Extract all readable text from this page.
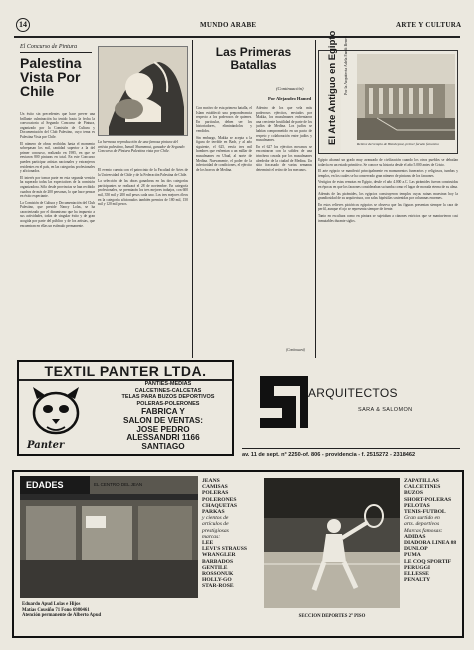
14	MUNDO ARABE	ARTE Y CULTURA
El Concurso de Pintura
Palestina Vista Por Chile

Un éxito sin precedentes que hace prever una brillante culminación ha tenido hasta la fecha la convocatoria al Segundo Concurso de Pintura, organizado por la Comisión de Cultura y Documentación del Club Palestino, cuyo tema es Palestina Vista por Chile.

El número de obras recibidas hasta el momento sobrepasan los mil, cantidad superior a la del primer concurso, realizado en 1985, en que se enviaron 800 pinturas en total. En este Concurso pueden participar artistas nacionales y extranjeros residentes en el país, en las categorías profesionales y aficionados.

El interés por tomar parte en esta segunda versión ha superado todas las expectativas de la comisión organizadora. Sólo desde provincias se han recibido cuadros de más de 200 personas, lo que hace pensar en éxito expectante.

La Comisión de Cultura y Documentación del Club Palestino, que preside Nancy Lolas, se ha caracterizado por el dinamismo que ha impuesto a sus actividades, todas de singular éxito y de gran acogida por parte del público y de los artistas, que encuentran en ellas un estímulo permanente.

La hermosa reproducción de una famosa pintura del artista palestino, Ismail Shammout, ganador de Segundo Concurso de Pintura Palestina vista por Chile.

El evento cuenta con el patrocinio de la Facultad de Artes de la Universidad de Chile y de la Federación Palestina de Chile.

La selección de las obras ganadoras en las dos categorías participantes se realizará el 28 de noviembre. En categoría profesionales, se premiarán los tres mejores trabajos, con 600 mil, 350 mil y 200 mil pesos cada uno. Los tres mejores óleos en la categoría aficionados también premios de 180 mil, 150 mil y 120 mil pesos.

Las Primeras Batallas
(Continuación)
Por Alejandro Hamed

Con motivo de esta primera batalla, el Islam estableció una preponderancia respecto a los poderosos de quienes. En particular, deben ser los historiadores, eliminándolos y vendidos.

Sin embargo, Makka se acepta a la figura de terrible en Badr, y al año siguiente, el 625, envía tres mil hombres que enfrentan a un millar de musulmanes en Uhud, al norte de Medina. Nuevamente, el poder de la inferioridad de condiciones, el ejército de los bravos de Medina.

Adentro de los que vela más poderosos ejércitos, enviados por Makka, los musulmanes enfrentaron una creciente hostilidad de parte de los judíos de Medina. Los judíos se habían comprometido en un pacto de respeto y colaboración entre judíos y musulmanes.

En el 627 los ejércitos mecanos se encontraron con la solidez de una trinchera cavada por los musulmanes alrededor de la ciudad de Medina. Un sitio fracasado de varias semanas determinó el retiro de los mecanos.

(Continuará)
El Arte Antiguo en Egipto Por la Arquitecta Adela Fandi Benerl
Relieve del templo de Hatshepsut, primer faraón femenino

Egipto alcanzó un grado muy avanzado de civilización cuando los otros pueblos se debatían todavía en un estado primitivo. Se conoce su historia desde el año 5.000 antes de Cristo.

El arte egipcio se manifestó principalmente en monumentos funerarios y religiosos, tumbas y templos, en los cuales se ha conservado gran número de pinturas de los faraones.

Vestigios de estas remotas en Egipto, desde el año 4.000 a.C. Las pirámides fueron construidas en épocas en que los faraones consideraban su tumba como el lugar de morada eterna de su alma.

Además de las pirámides, los egipcios construyeron templos cuyas ruinas muestran hoy la grandiosidad de su arquitectura, con salas hipóstilas sostenidas por columnas enormes.

En estos relieves pictóricos egipcios se observa que las figuras presentan siempre la cara de perfil, aunque el ojo se representa siempre de frente.

Tanto en escultura como en pintura se sujetaban a cánones estrictos que se mantuvieron casi inmutables durante siglos.

TEXTIL PANTER LTDA.
Panter
PANTIES-MEDIAS
CALCETINES-CALCETAS
TELAS PARA BUZOS DEPORTIVOS
POLERAS-POLERONES
FABRICA Y
SALON DE VENTAS:
JOSE PEDRO
ALESSANDRI 1166
SANTIAGO
ARQUITECTOS
SARA & SALOMON
av. 11 de sept. n° 2250-of. 806 - providencia - f. 2515272 - 2318462
EDADES	EL CENTRO DEL JEAN
Eduardo Apud Lolas e Hijos
Matías Cousiño 71 Fono 6980461
Atención permanente de Alberto Apud
JEANS
CAMISAS
POLERAS
POLERONES
CHAQUETAS
PARKAS
y cientos de
artículos de
prestigiosas
marcas:
LEE
LEVI'S STRAUSS
WRANGLER
BARBADOS
GENTILE
ROSSONUK
HOLLY-GO
STAR-ROSE
SECCION DEPORTES 2° PISO
ZAPATILLAS
CALCETINES
BUZOS
SHORT-POLERAS
PELOTAS
TENIS-FUTBOL
Gran surtido en
arts. deportivos
Marcas famosas:
ADIDAS
DIADORA LINEA 88
DUNLOP
PUMA
LE COQ SPORTIF
PERUGGI
ELLESSE
PENALTY
